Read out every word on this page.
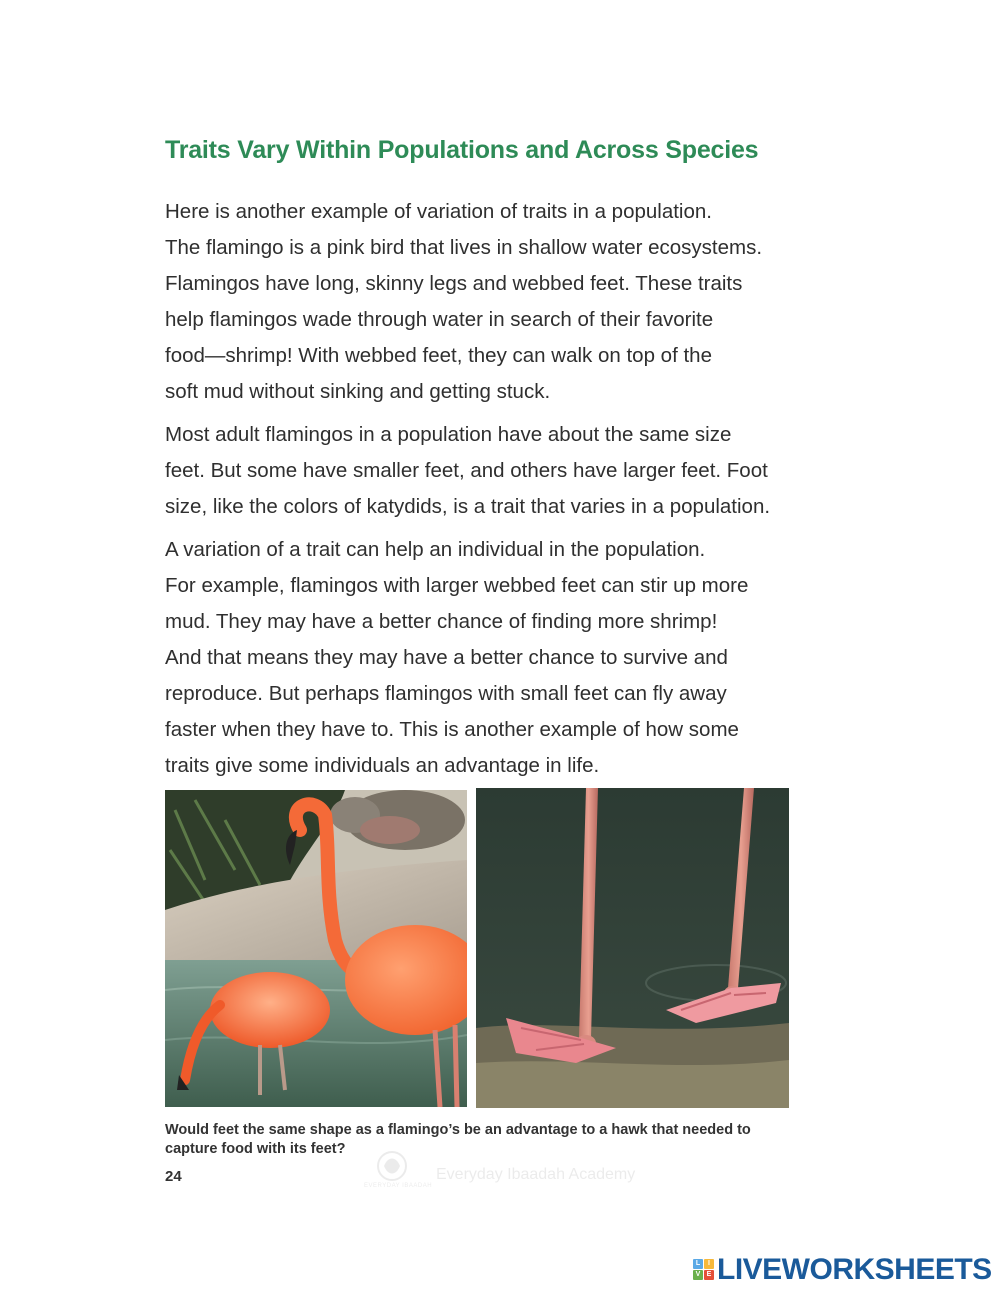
Traits Vary Within Populations and Across Species

Here is another example of variation of traits in a population.
The flamingo is a pink bird that lives in shallow water ecosystems.
Flamingos have long, skinny legs and webbed feet. These traits
help flamingos wade through water in search of their favorite
food—shrimp! With webbed feet, they can walk on top of the
soft mud without sinking and getting stuck.

Most adult flamingos in a population have about the same size
feet. But some have smaller feet, and others have larger feet. Foot
size, like the colors of katydids, is a trait that varies in a population.

A variation of a trait can help an individual in the population.
For example, flamingos with larger webbed feet can stir up more
mud. They may have a better chance of finding more shrimp!
And that means they may have a better chance to survive and
reproduce. But perhaps flamingos with small feet can fly away
faster when they have to. This is another example of how some
traits give some individuals an advantage in life.

Would feet the same shape as a flamingo’s be an advantage to a hawk that needed to
capture food with its feet?
24
EVERYDAY IBAADAH
Everyday Ibaadah Academy
L	I
V E LIVEWORKSHEETS
